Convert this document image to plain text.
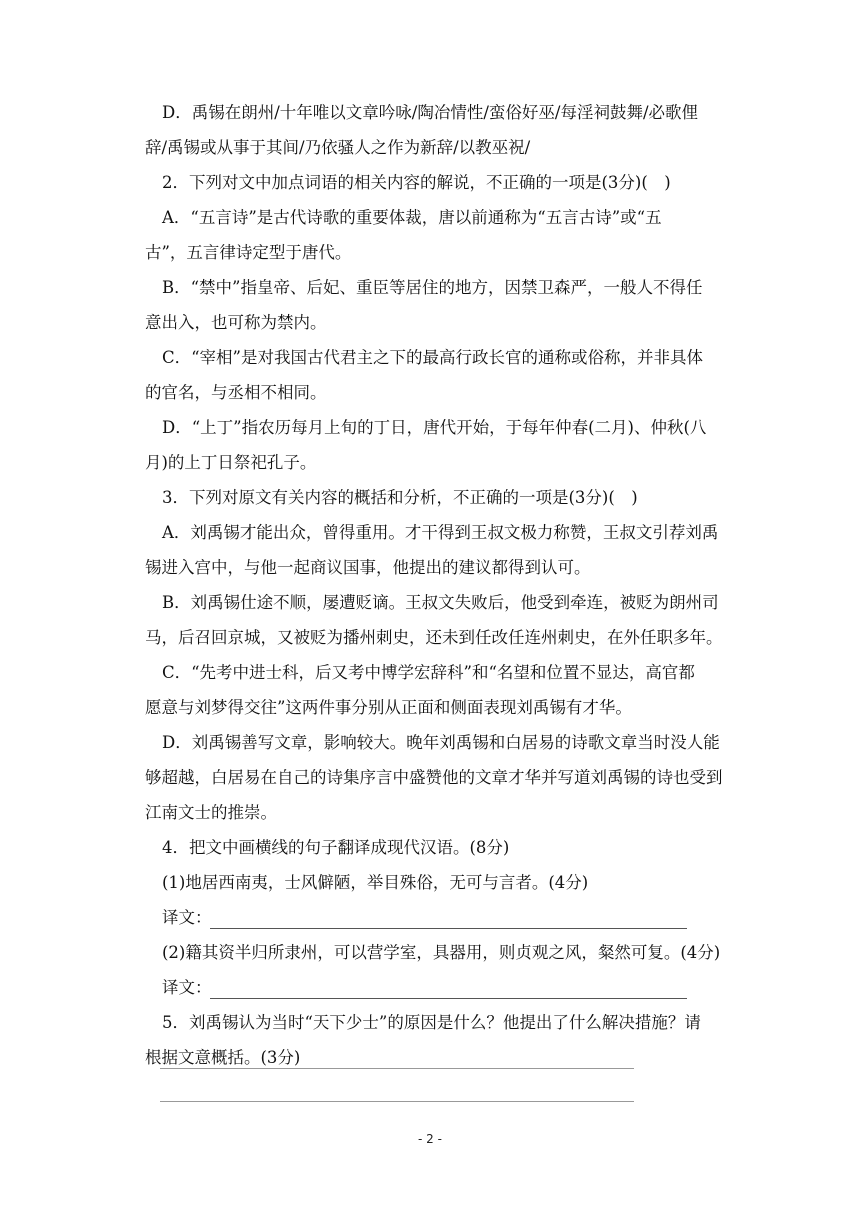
D．禹锡在朗州/十年唯以文章吟咏/陶冶情性/蛮俗好巫/每淫祠鼓舞/必歌俚
辞/禹锡或从事于其间/乃依骚人之作为新辞/以教巫祝/
2．下列对文中加点词语的相关内容的解说，不正确的一项是(3分)(　)
A．“五言诗”是古代诗歌的重要体裁，唐以前通称为“五言古诗”或“五
古”，五言律诗定型于唐代。
B．“禁中”指皇帝、后妃、重臣等居住的地方，因禁卫森严，一般人不得任
意出入，也可称为禁内。
C．“宰相”是对我国古代君主之下的最高行政长官的通称或俗称，并非具体
的官名，与丞相不相同。
D．“上丁”指农历每月上旬的丁日，唐代开始，于每年仲春(二月)、仲秋(八
月)的上丁日祭祀孔子。
3．下列对原文有关内容的概括和分析，不正确的一项是(3分)(　)
A．刘禹锡才能出众，曾得重用。才干得到王叔文极力称赞，王叔文引荐刘禹
锡进入宫中，与他一起商议国事，他提出的建议都得到认可。
B．刘禹锡仕途不顺，屡遭贬谪。王叔文失败后，他受到牵连，被贬为朗州司
马，后召回京城，又被贬为播州刺史，还未到任改任连州刺史，在外任职多年。
C．“先考中进士科，后又考中博学宏辞科”和“名望和位置不显达，高官都
愿意与刘梦得交往”这两件事分别从正面和侧面表现刘禹锡有才华。
D．刘禹锡善写文章，影响较大。晚年刘禹锡和白居易的诗歌文章当时没人能
够超越，白居易在自己的诗集序言中盛赞他的文章才华并写道刘禹锡的诗也受到
江南文士的推崇。
4．把文中画横线的句子翻译成现代汉语。(8分)
(1)地居西南夷，士风僻陋，举目殊俗，无可与言者。(4分)
译文：
(2)籍其资半归所隶州，可以营学室，具器用，则贞观之风，粲然可复。(4分)
译文：
5．刘禹锡认为当时“天下少士”的原因是什么？他提出了什么解决措施？请
根据文意概括。(3分)
- 2 -
